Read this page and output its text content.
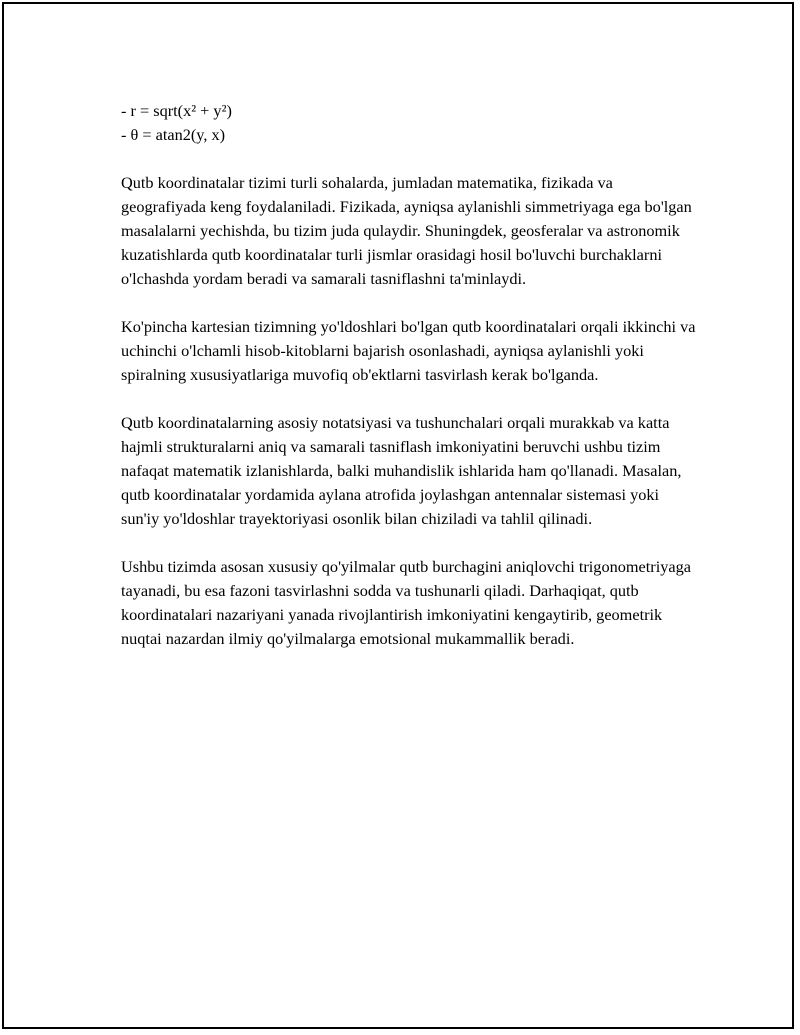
- r = sqrt(x² + y²)

- θ = atan2(y, x)

Qutb koordinatalar tizimi turli sohalarda, jumladan matematika, fizikada va geografiyada keng foydalaniladi. Fizikada, ayniqsa aylanishli simmetriyaga ega bo'lgan masalalarni yechishda, bu tizim juda qulaydir. Shuningdek, geosferalar va astronomik kuzatishlarda qutb koordinatalar turli jismlar orasidagi hosil bo'luvchi burchaklarni o'lchashda yordam beradi va samarali tasniflashni ta'minlaydi.

Ko'pincha kartesian tizimning yo'ldoshlari bo'lgan qutb koordinatalari orqali ikkinchi va uchinchi o'lchamli hisob-kitoblarni bajarish osonlashadi, ayniqsa aylanishli yoki spiralning xususiyatlariga muvofiq ob'ektlarni tasvirlash kerak bo'lganda.

Qutb koordinatalarning asosiy notatsiyasi va tushunchalari orqali murakkab va katta hajmli strukturalarni aniq va samarali tasniflash imkoniyatini beruvchi ushbu tizim nafaqat matematik izlanishlarda, balki muhandislik ishlarida ham qo'llanadi. Masalan, qutb koordinatalar yordamida aylana atrofida joylashgan antennalar sistemasi yoki sun'iy yo'ldoshlar trayektoriyasi osonlik bilan chiziladi va tahlil qilinadi.

Ushbu tizimda asosan xususiy qo'yilmalar qutb burchagini aniqlovchi trigonometriyaga tayanadi, bu esa fazoni tasvirlashni sodda va tushunarli qiladi. Darhaqiqat, qutb koordinatalari nazariyani yanada rivojlantirish imkoniyatini kengaytirib, geometrik nuqtai nazardan ilmiy qo'yilmalarga emotsional mukammallik beradi.
